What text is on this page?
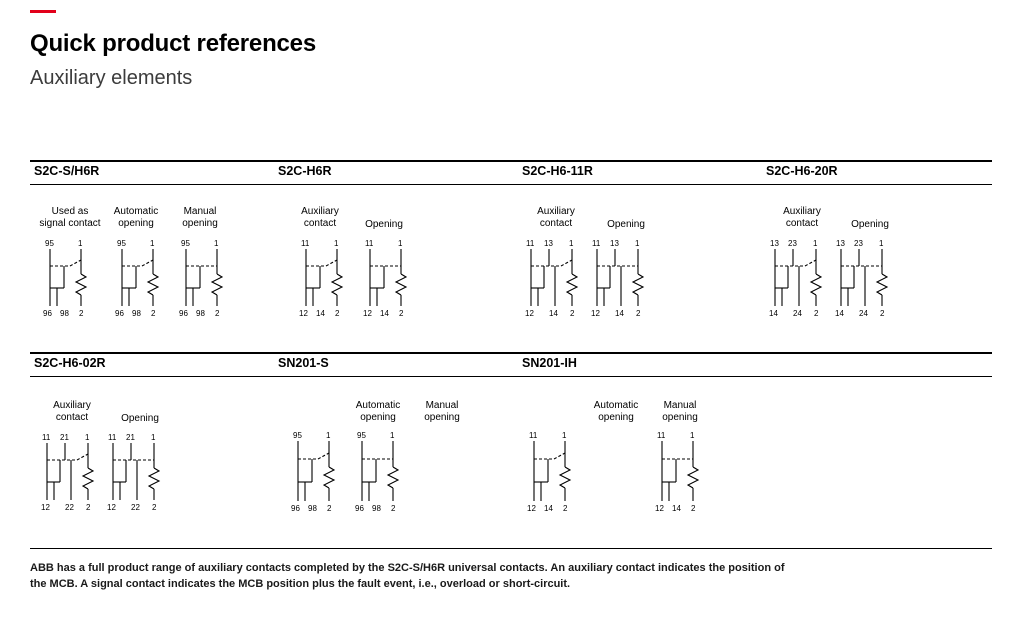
Quick product references
Auxiliary elements
S2C-S/H6R	S2C-H6R	S2C-H6-11R	S2C-H6-20R
Used as
signal contact
95	1
96 98 2
Automatic
opening
95	1
96 98 2
Manual
opening
95	1
96 98 2
Auxiliary
contact
11	1
12 14 2
Opening
11	1
12 14 2
Auxiliary
contact
11 13 1
12 14 2
Opening
11 13 1
12 14 2
Auxiliary
contact
13 23 1
14 24 2
Opening
13 23 1
14 24 2
S2C-H6-02R	SN201-S	SN201-IH
Auxiliary
contact
11 21 1
12 22 2
Opening
11 21 1
12 22 2
Automatic
opening
95	1
96 98 2
Manual
opening
95	1
96 98 2
Automatic
opening
11	1
12 14 2
Manual
opening
11	1
12 14 2
ABB has a full product range of auxiliary contacts completed by the S2C-S/H6R universal contacts. An auxiliary contact indicates the position of the MCB. A signal contact indicates the MCB position plus the fault event, i.e., overload or short-circuit.
